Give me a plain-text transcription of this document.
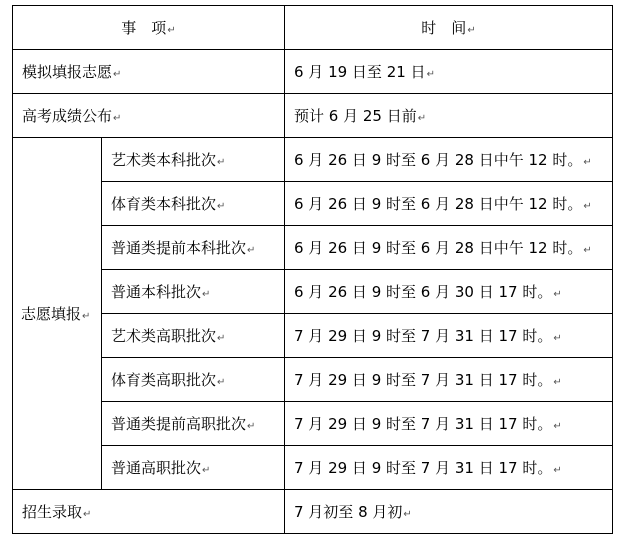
事　项↵		时　间↵
模拟填报志愿↵		6 月 19 日至 21 日↵
高考成绩公布↵		预计 6 月 25 日前↵
志愿填报↵	艺术类本科批次↵	6 月 26 日 9 时至 6 月 28 日中午 12 时。↵
	体育类本科批次↵	6 月 26 日 9 时至 6 月 28 日中午 12 时。↵
	普通类提前本科批次↵	6 月 26 日 9 时至 6 月 28 日中午 12 时。↵
	普通本科批次↵	6 月 26 日 9 时至 6 月 30 日 17 时。↵
	艺术类高职批次↵	7 月 29 日 9 时至 7 月 31 日 17 时。↵
	体育类高职批次↵	7 月 29 日 9 时至 7 月 31 日 17 时。↵
	普通类提前高职批次↵	7 月 29 日 9 时至 7 月 31 日 17 时。↵
	普通高职批次↵	7 月 29 日 9 时至 7 月 31 日 17 时。↵
招生录取↵		7 月初至 8 月初↵
